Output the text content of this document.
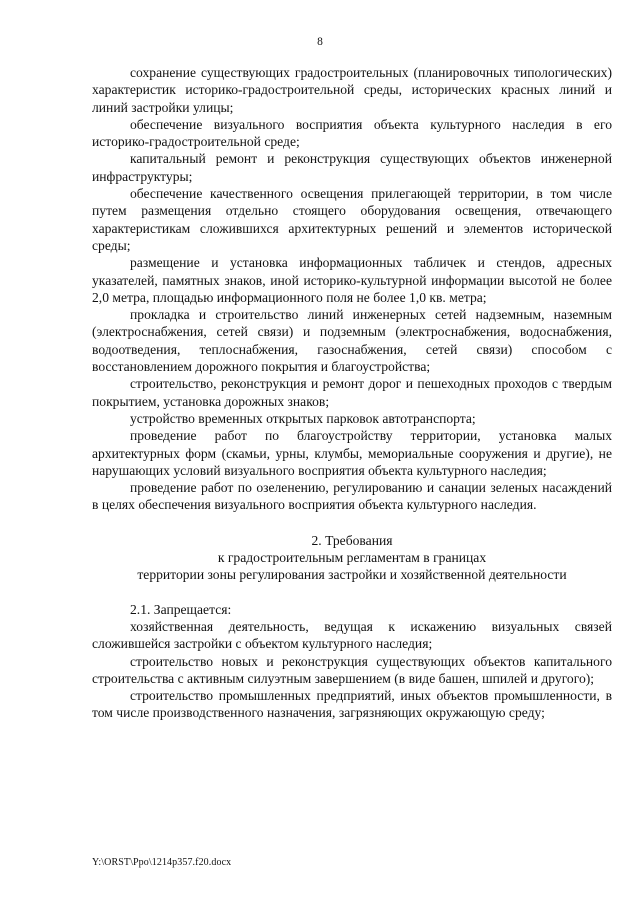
8

сохранение существующих градостроительных (планировочных типологических) характеристик историко-градостроительной среды, исторических красных линий и линий застройки улицы;

обеспечение визуального восприятия объекта культурного наследия в его историко-градостроительной среде;

капитальный ремонт и реконструкция существующих объектов инженерной инфраструктуры;

обеспечение качественного освещения прилегающей территории, в том числе путем размещения отдельно стоящего оборудования освещения, отвечающего характеристикам сложившихся архитектурных решений и элементов исторической среды;

размещение и установка информационных табличек и стендов, адресных указателей, памятных знаков, иной историко-культурной информации высотой не более 2,0 метра, площадью информационного поля не более 1,0 кв. метра;

прокладка и строительство линий инженерных сетей надземным, наземным (электроснабжения, сетей связи) и подземным (электроснабжения, водоснабжения, водоотведения, теплоснабжения, газоснабжения, сетей связи) способом с восстановлением дорожного покрытия и благоустройства;

строительство, реконструкция и ремонт дорог и пешеходных проходов с твердым покрытием, установка дорожных знаков;

устройство временных открытых парковок автотранспорта;

проведение работ по благоустройству территории, установка малых архитектурных форм (скамьи, урны, клумбы, мемориальные сооружения и другие), не нарушающих условий визуального восприятия объекта культурного наследия;

проведение работ по озеленению, регулированию и санации зеленых насаждений в целях обеспечения визуального восприятия объекта культурного наследия.

2. Требования

к градостроительным регламентам в границах

территории зоны регулирования застройки и хозяйственной деятельности

2.1. Запрещается:

хозяйственная деятельность, ведущая к искажению визуальных связей сложившейся застройки с объектом культурного наследия;

строительство новых и реконструкция существующих объектов капитального строительства с активным силуэтным завершением (в виде башен, шпилей и другого);

строительство промышленных предприятий, иных объектов промышленности, в том числе производственного назначения, загрязняющих окружающую среду;

Y:\ORST\Ppo\1214p357.f20.docx
